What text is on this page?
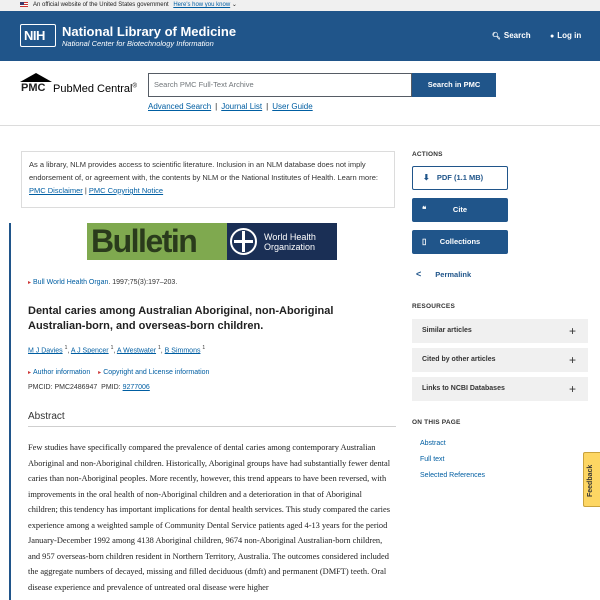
An official website of the United States government Here's how you know ⌄
NIH National Library of Medicine
National Center for Biotechnology Information
🔍︎ Search	● Log in
PMC PubMed Central®	Search PMC Full-Text Archive	Search in PMC
Advanced Search | Journal List | User Guide
As a library, NLM provides access to scientific literature. Inclusion in an NLM database does not imply endorsement of, or agreement with, the contents by NLM or the National Institutes of Health. Learn more: PMC Disclaimer | PMC Copyright Notice
Bulletin	World Health Organization
▸ Bull World Health Organ. 1997;75(3):197–203.
Dental caries among Australian Aboriginal, non-Aboriginal Australian-born, and overseas-born children.
M J Davies $^1$, A J Spencer $^1$, A Westwater $^1$, B Simmons $^1$
▸ Author information ▸ Copyright and License information
PMCID: PMC2486947 PMID: 9277006
Abstract
Few studies have specifically compared the prevalence of dental caries among contemporary Australian Aboriginal and non-Aboriginal children. Historically, Aboriginal groups have had substantially fewer dental caries than non-Aboriginal peoples. More recently, however, this trend appears to have been reversed, with improvements in the oral health of non-Aboriginal children and a deterioration in that of Aboriginal children; this tendency has important implications for dental health services. This study compared the caries experience among a weighted sample of Community Dental Service patients aged 4-13 years for the period January-December 1992 among 4138 Aboriginal children, 9674 non-Aboriginal Australian-born children, and 957 overseas-born children resident in Northern Territory, Australia. The outcomes considered included the aggregate numbers of decayed, missing and filled deciduous (dmft) and permanent (DMFT) teeth. Oral disease experience and prevalence of untreated oral disease were higher
ACTIONS
⬇︎ PDF (1.1 MB)
❝	Cite
▯	Collections
< Permalink
RESOURCES
Similar articles	+
Cited by other articles	+
Links to NCBI Databases	+
ON THIS PAGE
Abstract
Full text
Selected References	Feedback
